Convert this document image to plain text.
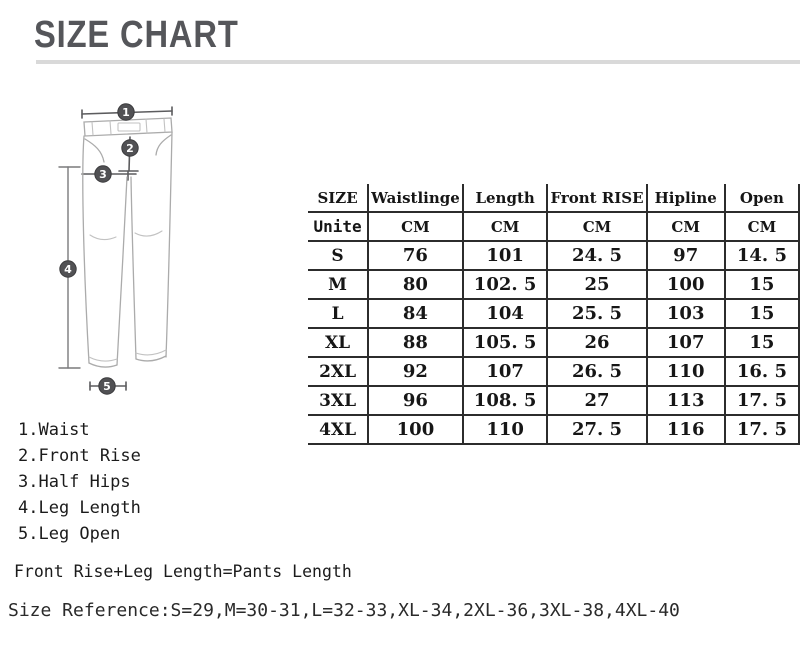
SIZE CHART
1
2
3
4
5
1.Waist
2.Front Rise
3.Half Hips
4.Leg Length
5.Leg Open
SIZE	Waistlinge	Length	Front RISE	Hipline	Open
Unite	CM	CM	CM	CM	CM
S	76	101	24. 5	97	14. 5
M	80	102. 5	25	100	15
L	84	104	25. 5	103	15
XL	88	105. 5	26	107	15
2XL	92	107	26. 5	110	16. 5
3XL	96	108. 5	27	113	17. 5
4XL	100	110	27. 5	116	17. 5
Front Rise+Leg Length=Pants Length
Size Reference:S=29,M=30-31,L=32-33,XL-34,2XL-36,3XL-38,4XL-40
